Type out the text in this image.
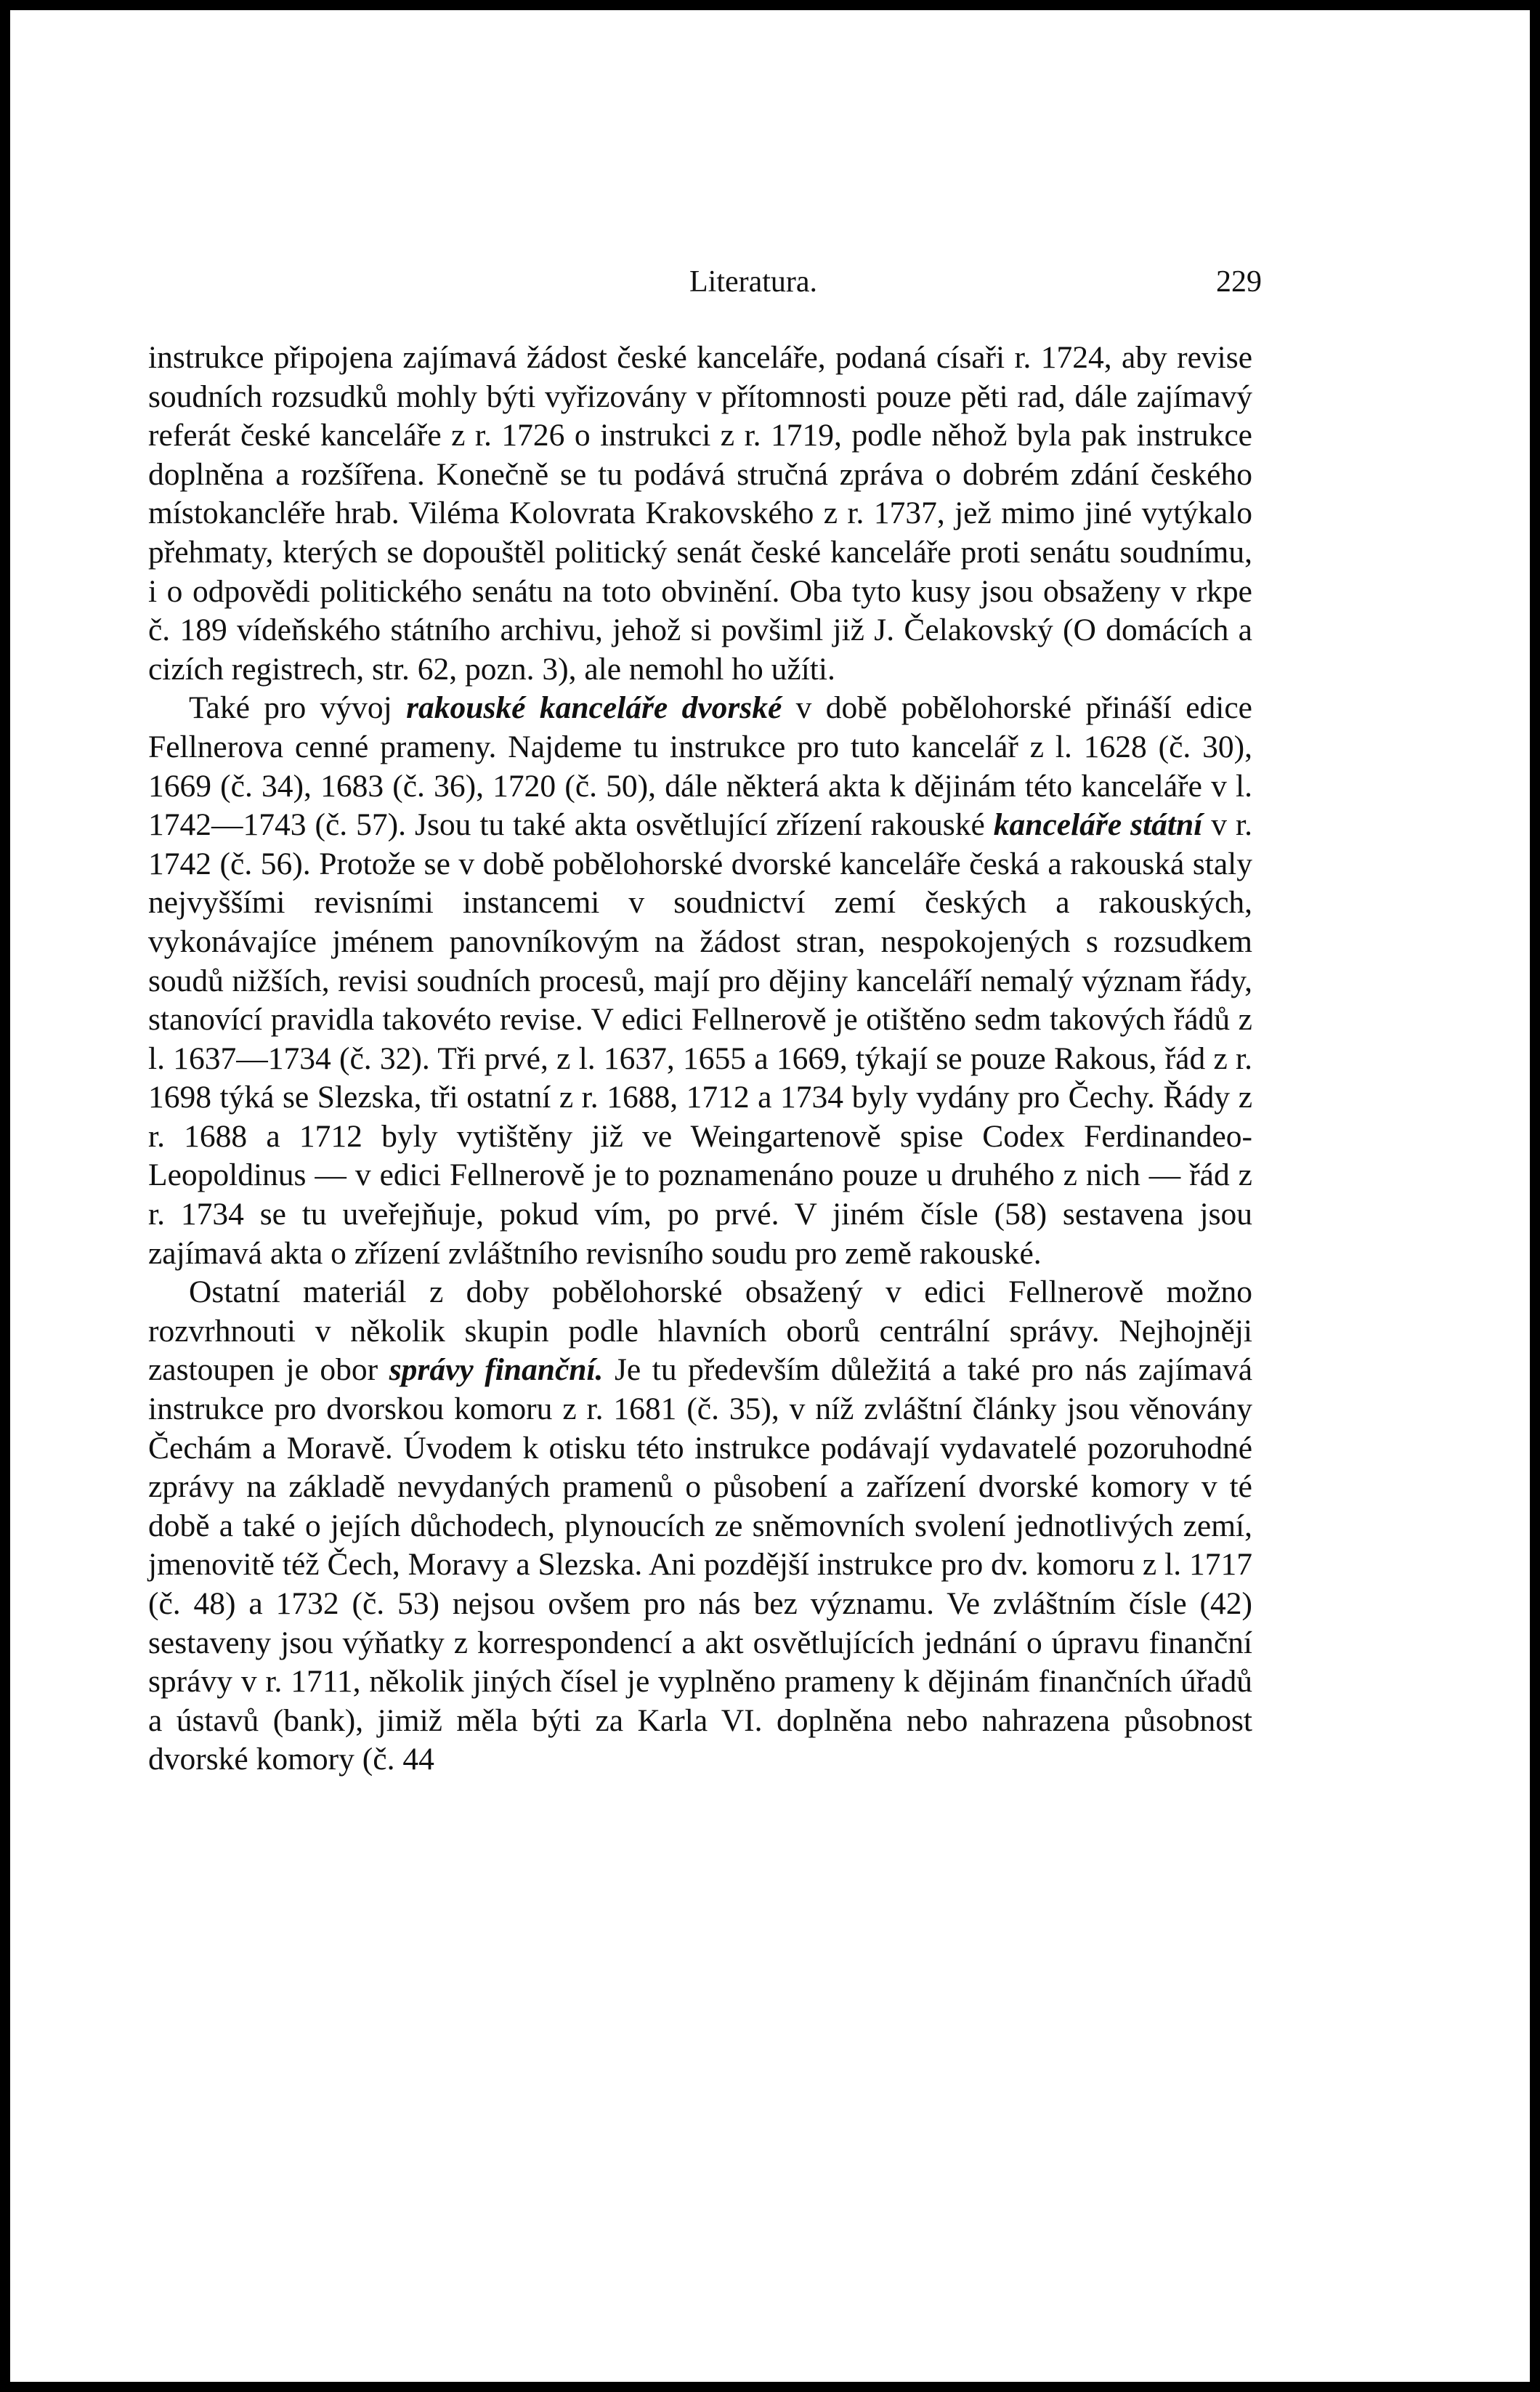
Literatura.	229

instrukce připojena zajímavá žádost české kanceláře, podaná císaři r. 1724, aby revise soudních rozsudků mohly býti vyřizovány v přítomnosti pouze pěti rad, dále zajímavý referát české kanceláře z r. 1726 o instrukci z r. 1719, podle něhož byla pak instrukce doplněna a rozšířena. Konečně se tu podává stručná zpráva o dobrém zdání českého místokancléře hrab. Viléma Kolovrata Krakovského z r. 1737, jež mimo jiné vytýkalo přehmaty, kterých se dopouštěl politický senát české kanceláře proti senátu soudnímu, i o odpovědi politického senátu na toto obvinění. Oba tyto kusy jsou obsaženy v rkpe č. 189 vídeňského státního archivu, jehož si povšiml již J. Čelakovský (O domácích a cizích registrech, str. 62, pozn. 3), ale nemohl ho užíti.

Také pro vývoj rakouské kanceláře dvorské v době pobělohorské přináší edice Fellnerova cenné prameny. Najdeme tu instrukce pro tuto kancelář z l. 1628 (č. 30), 1669 (č. 34), 1683 (č. 36), 1720 (č. 50), dále některá akta k dějinám této kanceláře v l. 1742—1743 (č. 57). Jsou tu také akta osvětlující zřízení rakouské kanceláře státní v r. 1742 (č. 56). Protože se v době pobělohorské dvorské kanceláře česká a rakouská staly nejvyššími revisními instancemi v soudnictví zemí českých a rakouských, vykonávajíce jménem panovníkovým na žádost stran, nespokojených s rozsudkem soudů nižších, revisi soudních procesů, mají pro dějiny kanceláří nemalý význam řády, stanovící pravidla takovéto revise. V edici Fellnerově je otištěno sedm takových řádů z l. 1637—1734 (č. 32). Tři prvé, z l. 1637, 1655 a 1669, týkají se pouze Rakous, řád z r. 1698 týká se Slezska, tři ostatní z r. 1688, 1712 a 1734 byly vydány pro Čechy. Řády z r. 1688 a 1712 byly vytištěny již ve Weingartenově spise Codex Ferdinandeo-Leopoldinus — v edici Fellnerově je to poznamenáno pouze u druhého z nich — řád z r. 1734 se tu uveřejňuje, pokud vím, po prvé. V jiném čísle (58) sestavena jsou zajímavá akta o zřízení zvláštního revisního soudu pro země rakouské.

Ostatní materiál z doby pobělohorské obsažený v edici Fellnerově možno rozvrhnouti v několik skupin podle hlavních oborů centrální správy. Nejhojněji zastoupen je obor správy finanční. Je tu především důležitá a také pro nás zajímavá instrukce pro dvorskou komoru z r. 1681 (č. 35), v níž zvláštní články jsou věnovány Čechám a Moravě. Úvodem k otisku této instrukce podávají vydavatelé pozoruhodné zprávy na základě nevydaných pramenů o působení a zařízení dvorské komory v té době a také o jejích důchodech, plynoucích ze sněmovních svolení jednotlivých zemí, jmenovitě též Čech, Moravy a Slezska. Ani pozdější instrukce pro dv. komoru z l. 1717 (č. 48) a 1732 (č. 53) nejsou ovšem pro nás bez významu. Ve zvláštním čísle (42) sestaveny jsou výňatky z korrespondencí a akt osvětlujících jednání o úpravu finanční správy v r. 1711, několik jiných čísel je vyplněno prameny k dějinám finančních úřadů a ústavů (bank), jimiž měla býti za Karla VI. doplněna nebo nahrazena působnost dvorské komory (č. 44
